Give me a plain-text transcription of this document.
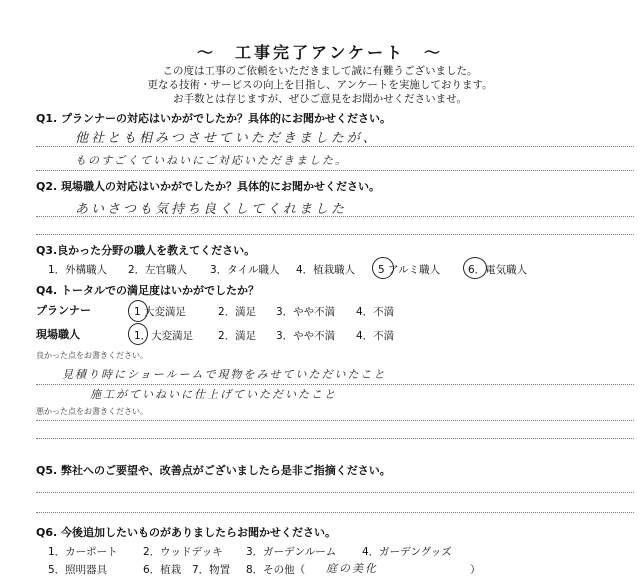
～　工事完了アンケート　～
この度は工事のご依頼をいただきまして誠に有難うございました。
更なる技術・サービスの向上を目指し、アンケートを実施しております。
お手数とは存じますが、ぜひご意見をお聞かせくださいませ。
Q1. プランナーの対応はいかがでしたか？具体的にお聞かせください。
他社とも相みつさせていただきましたが、
ものすごくていねいにご対応いただきました。
Q2. 現場職人の対応はいかがでしたか？具体的にお聞かせください。
あいさつも気持ち良くしてくれました
Q3.良かった分野の職人を教えてください。
1．外構職人 2．左官職人 3．タイル職人 4．植栽職人 5 アルミ職人	6．電気職人
Q4. トータルでの満足度はいかがでしたか？
プランナー	1 大変満足	2．満足 3．やや不満 4．不満
現場職人	1．大変満足 2．満足 3．やや不満 4．不満
良かった点をお書きください。
見積り時にショールームで現物をみせていただいたこと
施工がていねいに仕上げていただいたこと
悪かった点をお書きください。
Q5. 弊社へのご要望や、改善点がございましたら是非ご指摘ください。
Q6. 今後追加したいものがありましたらお聞かせください。
1．カーポート 2．ウッドデッキ 3．ガーデンルーム 4．ガーデングッズ
5．照明器具	6．植栽 7．物置 8．その他（ 庭の美化	）
